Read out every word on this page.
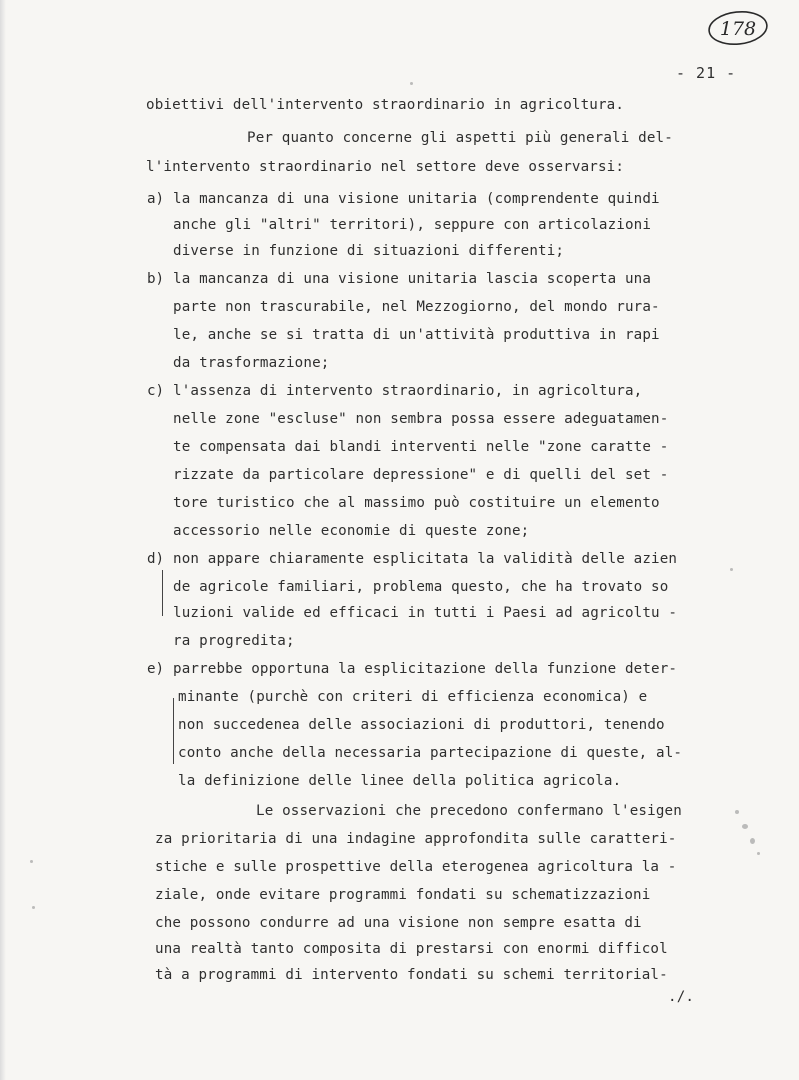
178
- 21 -
a)
b)
c)
d)
e)
obiettivi dell'intervento straordinario in agricoltura.
Per quanto concerne gli aspetti più generali del-
l'intervento straordinario nel settore deve osservarsi:
la mancanza di una visione unitaria (comprendente quindi
anche gli "altri" territori), seppure con articolazioni
diverse in funzione di situazioni differenti;
la mancanza di una visione unitaria lascia scoperta una
parte non trascurabile, nel Mezzogiorno, del mondo rura-
le, anche se si tratta di un'attività produttiva in rapi
da trasformazione;
l'assenza di intervento straordinario, in agricoltura,
nelle zone "escluse" non sembra possa essere adeguatamen-
te compensata dai blandi interventi nelle "zone caratte -
rizzate da particolare depressione" e di quelli del set -
tore turistico che al massimo può costituire un elemento
accessorio nelle economie di queste zone;
non appare chiaramente esplicitata la validità delle azien
de agricole familiari, problema questo, che ha trovato so
luzioni valide ed efficaci in tutti i Paesi ad agricoltu -
ra progredita;
parrebbe opportuna la esplicitazione della funzione deter-
minante (purchè con criteri di efficienza economica) e
non succedenea delle associazioni di produttori, tenendo
conto anche della necessaria partecipazione di queste, al-
la definizione delle linee della politica agricola.
Le osservazioni che precedono confermano l'esigen
za prioritaria di una indagine approfondita sulle caratteri-
stiche e sulle prospettive della eterogenea agricoltura la -
ziale, onde evitare programmi fondati su schematizzazioni
che possono condurre ad una visione non sempre esatta di
una realtà tanto composita di prestarsi con enormi difficol
tà a programmi di intervento fondati su schemi territorial-
./.
